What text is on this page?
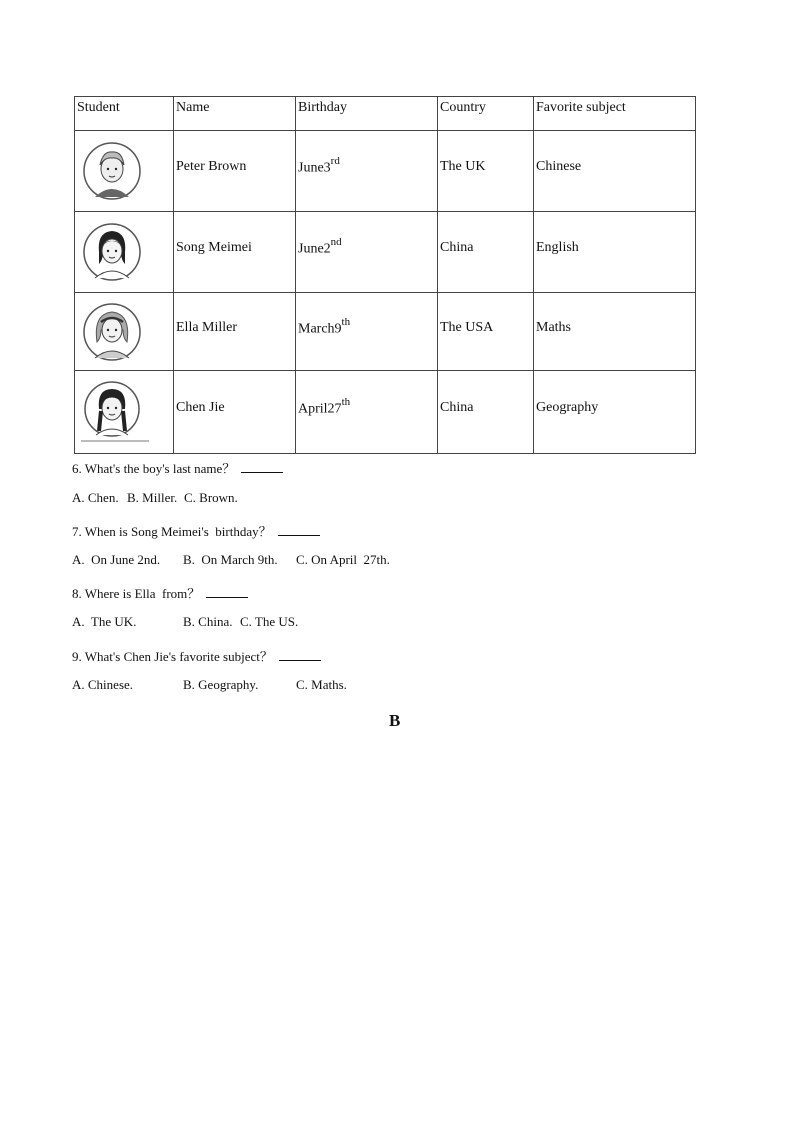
Student	Name	Birthday	Country	Favorite subject

	Peter Brown	June3rd	The UK	Chinese

	Song Meimei	June2nd	China	English

	Ella Miller	March9th	The USA	Maths

	Chen Jie	April27th	China	Geography
6. What's the boy's last name？
A. Chen. B. Miller. C. Brown.
7. When is Song Meimei's  birthday？
A.  On June 2nd. B.  On March 9th. C. On April  27th.
8. Where is Ella  from？
A.  The UK.	B. China. C. The US.
9. What's Chen Jie's favorite subject？
A. Chinese.	B. Geography.	C. Maths.
B
